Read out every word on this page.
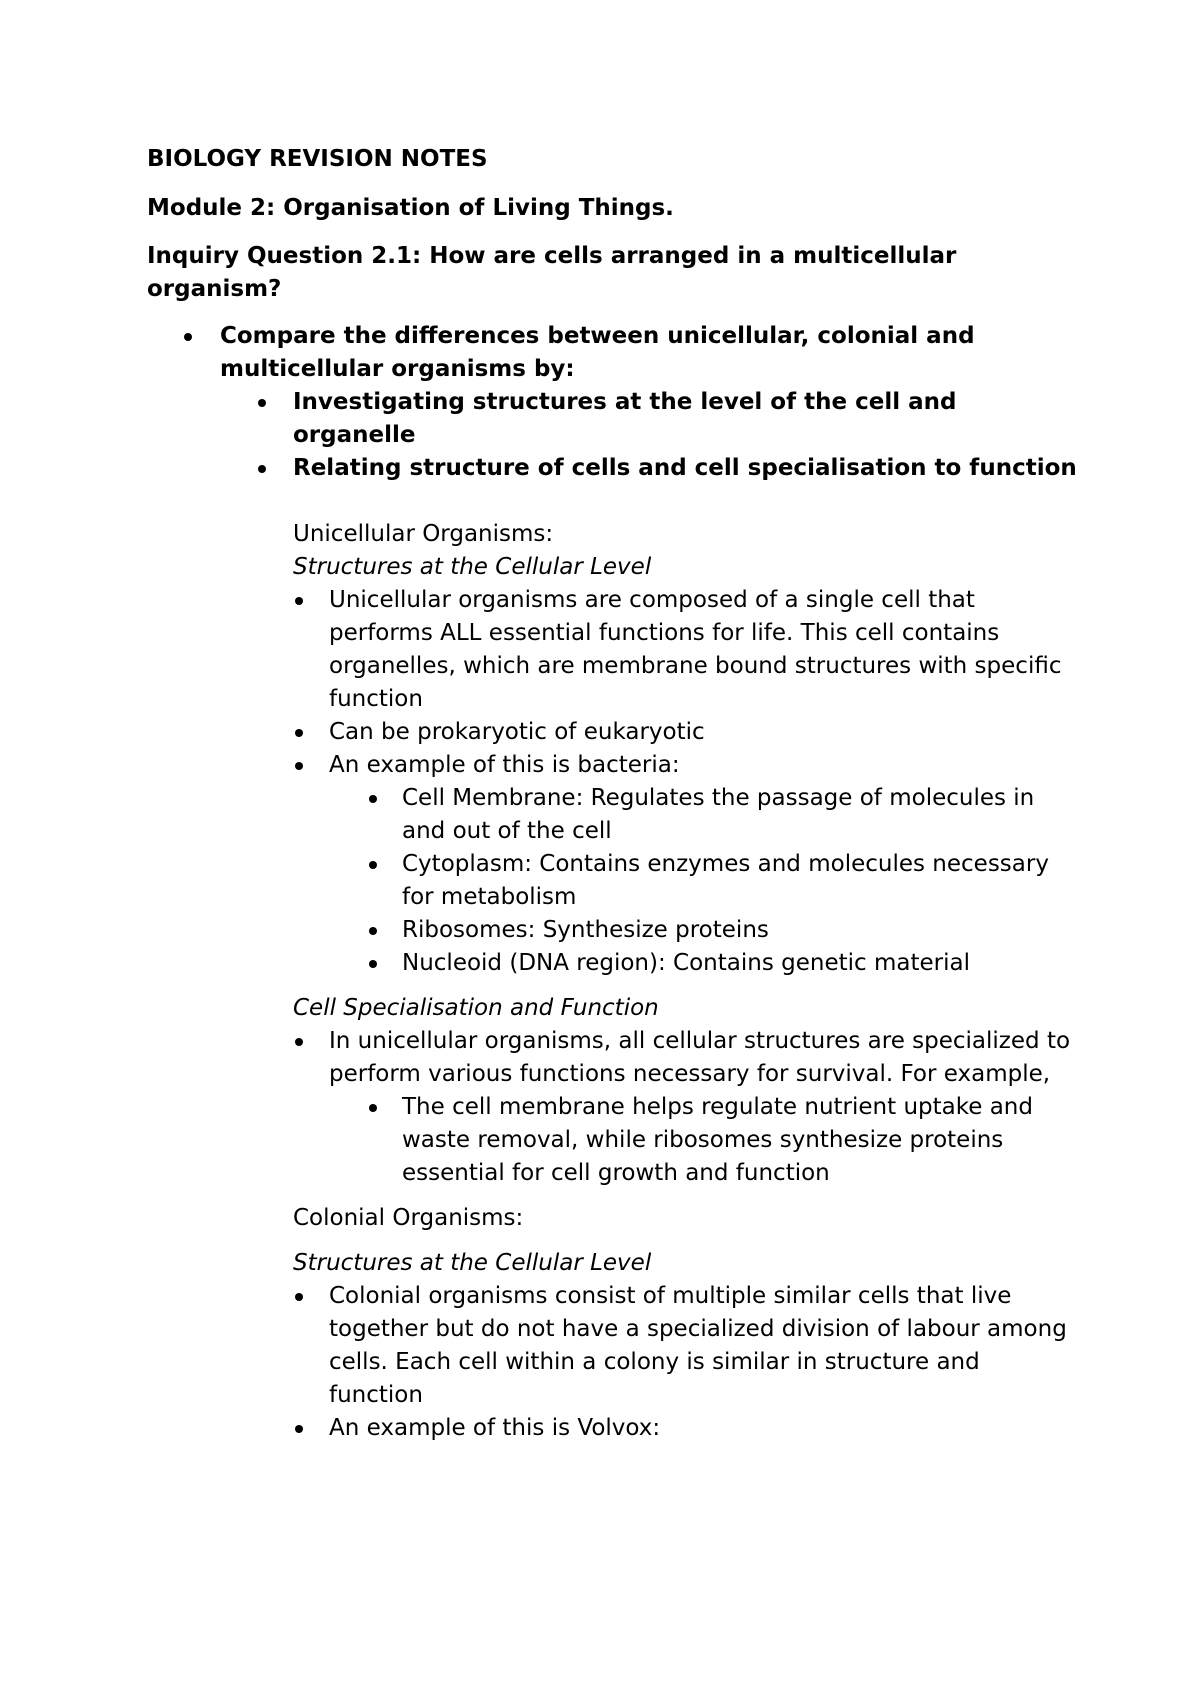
BIOLOGY REVISION NOTES
Module 2: Organisation of Living Things.
Inquiry Question 2.1: How are cells arranged in a multicellular organism?
Compare the differences between unicellular, colonial and multicellular organisms by:
Investigating structures at the level of the cell and organelle
Relating structure of cells and cell specialisation to function
Unicellular Organisms:
Structures at the Cellular Level
Unicellular organisms are composed of a single cell that performs ALL essential functions for life. This cell contains organelles, which are membrane bound structures with specific function
Can be prokaryotic of eukaryotic
An example of this is bacteria:
Cell Membrane: Regulates the passage of molecules in and out of the cell
Cytoplasm: Contains enzymes and molecules necessary for metabolism
Ribosomes: Synthesize proteins
Nucleoid (DNA region): Contains genetic material
Cell Specialisation and Function
In unicellular organisms, all cellular structures are specialized to perform various functions necessary for survival. For example,
The cell membrane helps regulate nutrient uptake and waste removal, while ribosomes synthesize proteins essential for cell growth and function
Colonial Organisms:
Structures at the Cellular Level
Colonial organisms consist of multiple similar cells that live together but do not have a specialized division of labour among cells. Each cell within a colony is similar in structure and function
An example of this is Volvox:
